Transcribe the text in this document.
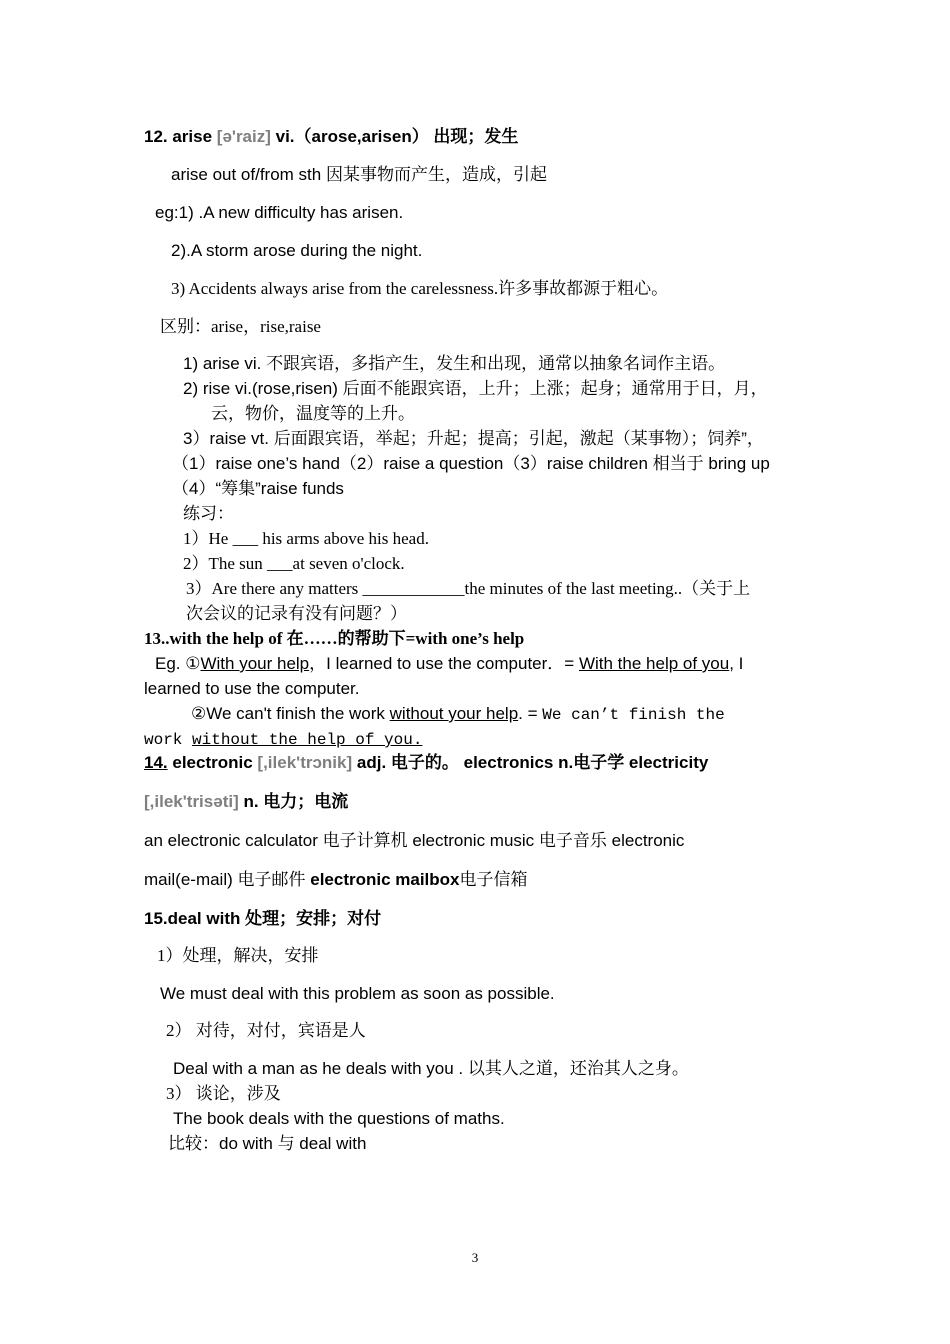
12. arise [ə'raiz] vi.（arose,arisen） 出现；发生
arise out of/from sth 因某事物而产生，造成，引起
eg:1) .A new difficulty has arisen.
2).A storm arose during the night.
3) Accidents always arise from the carelessness.许多事故都源于粗心。
区别：arise，rise,raise
1) arise vi. 不跟宾语，多指产生，发生和出现，通常以抽象名词作主语。
2) rise vi.(rose,risen) 后面不能跟宾语，上升；上涨；起身；通常用于日，月，
云，物价，温度等的上升。
3）raise vt. 后面跟宾语，举起；升起；提高；引起，激起（某事物）；饲养”，
（1）raise one’s hand（2）raise a question（3）raise children 相当于 bring up
（4）“筹集”raise funds
练习：
1）He ___ his arms above his head.
2）The sun ___at seven o'clock.
3）Are there any matters ____________the minutes of the last meeting..（关于上
次会议的记录有没有问题？）
13..with the help of 在……的帮助下=with one’s help
Eg. ①With your help，I learned to use the computer．= With the help of you, I
learned to use the computer.
②We can't finish the work without your help. = We can’t finish the
work without the help of you.
14. electronic [,ilek'trɔnik] adj. 电子的。 electronics n.电子学 electricity
[,ilek'trisəti] n. 电力；电流
an electronic calculator 电子计算机 electronic music 电子音乐 electronic
mail(e-mail) 电子邮件 electronic mailbox电子信箱
15.deal with 处理；安排；对付
1）处理，解决，安排
We must deal with this problem as soon as possible.
2） 对待，对付，宾语是人
Deal with a man as he deals with you . 以其人之道，还治其人之身。
3） 谈论，涉及
The book deals with the questions of maths.
比较：do with 与 deal with
3
